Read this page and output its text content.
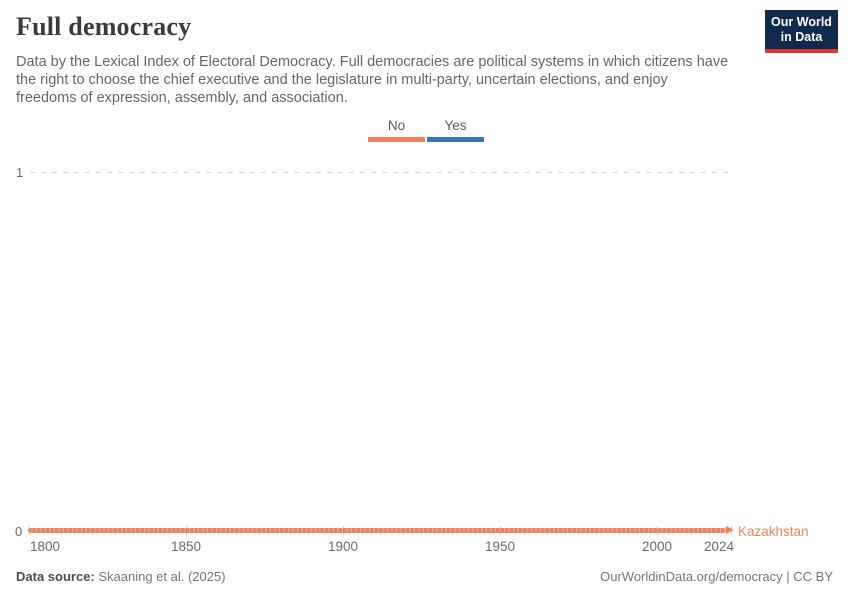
Full democracy	Our World
in Data
Data by the Lexical Index of Electoral Democracy. Full democracies are political systems in which citizens have
the right to choose the chief executive and the legislature in multi-party, uncertain elections, and enjoy
freedoms of expression, assembly, and association.
No	Yes
1
0	Kazakhstan
1800	1850	1900	1950	2000 2024
Data source: Skaaning et al. (2025)	OurWorldinData.org/democracy | CC BY
